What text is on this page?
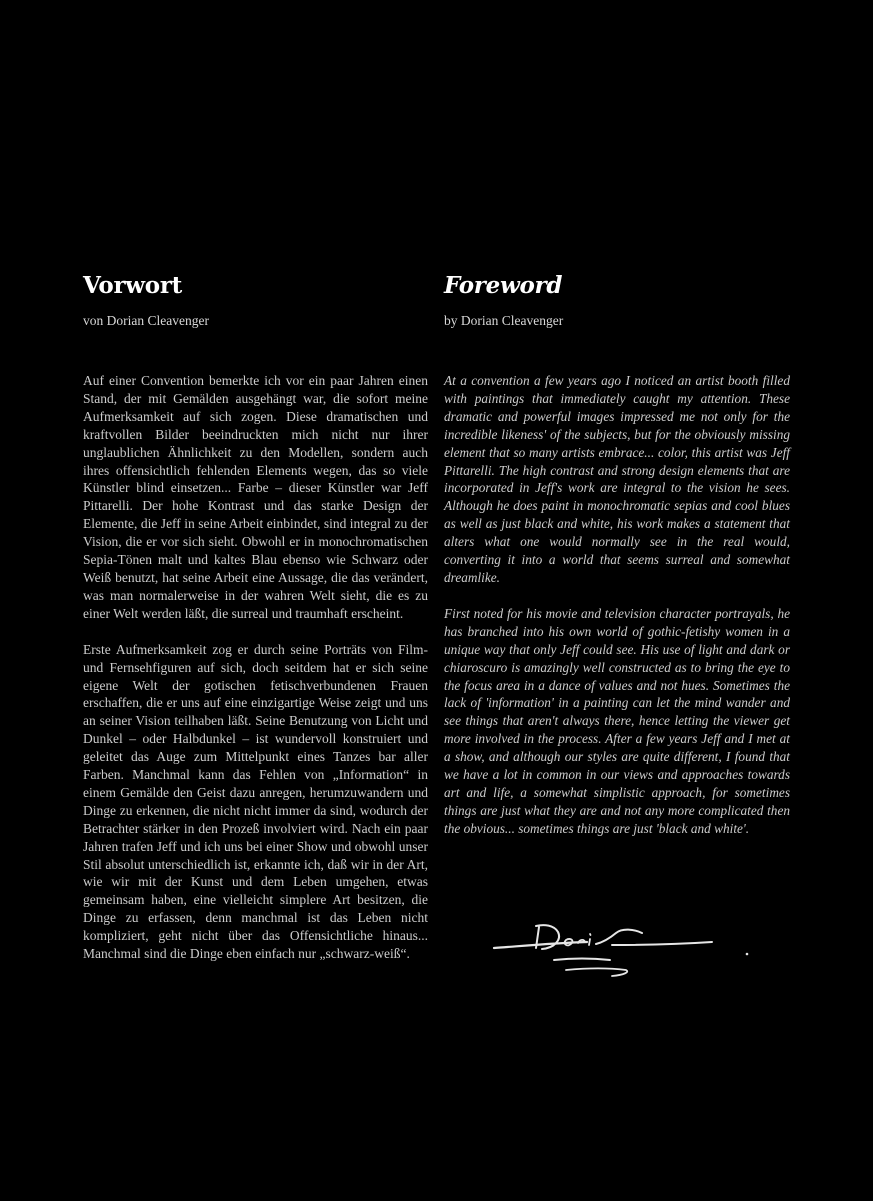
Vorwort
von Dorian Cleavenger

Auf einer Convention bemerkte ich vor ein paar Jahren einen Stand, der mit Gemälden ausgehängt war, die sofort meine Aufmerksamkeit auf sich zogen. Diese dramatischen und kraftvollen Bilder beeindruckten mich nicht nur ihrer unglaublichen Ähnlichkeit zu den Modellen, sondern auch ihres offensichtlich fehlenden Elements wegen, das so viele Künstler blind einsetzen... Farbe – dieser Künstler war Jeff Pittarelli. Der hohe Kontrast und das starke Design der Elemente, die Jeff in seine Arbeit einbindet, sind integral zu der Vision, die er vor sich sieht. Obwohl er in monochromatischen Sepia-Tönen malt und kaltes Blau ebenso wie Schwarz oder Weiß benutzt, hat seine Arbeit eine Aussage, die das verändert, was man normalerweise in der wahren Welt sieht, die es zu einer Welt werden läßt, die surreal und traumhaft erscheint.

Erste Aufmerksamkeit zog er durch seine Porträts von Film- und Fernsehfiguren auf sich, doch seitdem hat er sich seine eigene Welt der gotischen fetischverbundenen Frauen erschaffen, die er uns auf eine einzigartige Weise zeigt und uns an seiner Vision teilhaben läßt. Seine Benutzung von Licht und Dunkel – oder Halbdunkel – ist wundervoll konstruiert und geleitet das Auge zum Mittelpunkt eines Tanzes bar aller Farben. Manchmal kann das Fehlen von „Information“ in einem Gemälde den Geist dazu anregen, herumzuwandern und Dinge zu erkennen, die nicht nicht immer da sind, wodurch der Betrachter stärker in den Prozeß involviert wird. Nach ein paar Jahren trafen Jeff und ich uns bei einer Show und obwohl unser Stil absolut unterschiedlich ist, erkannte ich, daß wir in der Art, wie wir mit der Kunst und dem Leben umgehen, etwas gemeinsam haben, eine vielleicht simplere Art besitzen, die Dinge zu erfassen, denn manchmal ist das Leben nicht kompliziert, geht nicht über das Offensichtliche hinaus... Manchmal sind die Dinge eben einfach nur „schwarz-weiß“.

Foreword
by Dorian Cleavenger

At a convention a few years ago I noticed an artist booth filled with paintings that immediately caught my attention. These dramatic and powerful images impressed me not only for the incredible likeness' of the subjects, but for the obviously missing element that so many artists embrace... color, this artist was Jeff Pittarelli. The high contrast and strong design elements that are incorporated in Jeff's work are integral to the vision he sees. Although he does paint in monochromatic sepias and cool blues as well as just black and white, his work makes a statement that alters what one would normally see in the real would, converting it into a world that seems surreal and somewhat dreamlike.

First noted for his movie and television character portrayals, he has branched into his own world of gothic-fetishy women in a unique way that only Jeff could see. His use of light and dark or chiaroscuro is amazingly well constructed as to bring the eye to the focus area in a dance of values and not hues. Sometimes the lack of 'information' in a painting can let the mind wander and see things that aren't always there, hence letting the viewer get more involved in the process. After a few years Jeff and I met at a show, and although our styles are quite different, I found that we have a lot in common in our views and approaches towards art and life, a somewhat simplistic approach, for sometimes things are just what they are and not any more complicated then the obvious... sometimes things are just 'black and white'.
